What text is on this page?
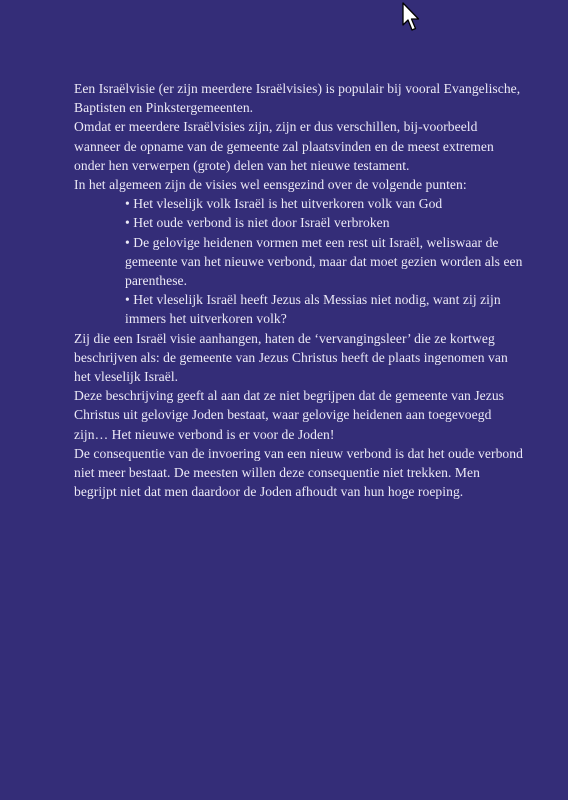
Een Israëlvisie (er zijn meerdere Israëlvisies) is populair bij vooral Evangelische, Baptisten en Pinkstergemeenten.

Omdat er meerdere Israëlvisies zijn, zijn er dus verschillen, bij-voorbeeld wanneer de opname van de gemeente zal plaatsvinden en de meest extremen onder hen verwerpen (grote) delen van het nieuwe testament.

In het algemeen zijn de visies wel eensgezind over de volgende punten:

• Het vleselijk volk Israël is het uitverkoren volk van God
• Het oude verbond is niet door Israël verbroken
• De gelovige heidenen vormen met een rest uit Israël, weliswaar de gemeente van het nieuwe verbond, maar dat moet gezien worden als een parenthese.
• Het vleselijk Israël heeft Jezus als Messias niet nodig, want zij zijn immers het uitverkoren volk?

Zij die een Israël visie aanhangen, haten de ‘vervangingsleer’ die ze kortweg beschrijven als: de gemeente van Jezus Christus heeft de plaats ingenomen van het vleselijk Israël.

Deze beschrijving geeft al aan dat ze niet begrijpen dat de gemeente van Jezus Christus uit gelovige Joden bestaat, waar gelovige heidenen aan toegevoegd zijn… Het nieuwe verbond is er voor de Joden!

De consequentie van de invoering van een nieuw verbond is dat het oude verbond niet meer bestaat. De meesten willen deze consequentie niet trekken. Men begrijpt niet dat men daardoor de Joden afhoudt van hun hoge roeping.
